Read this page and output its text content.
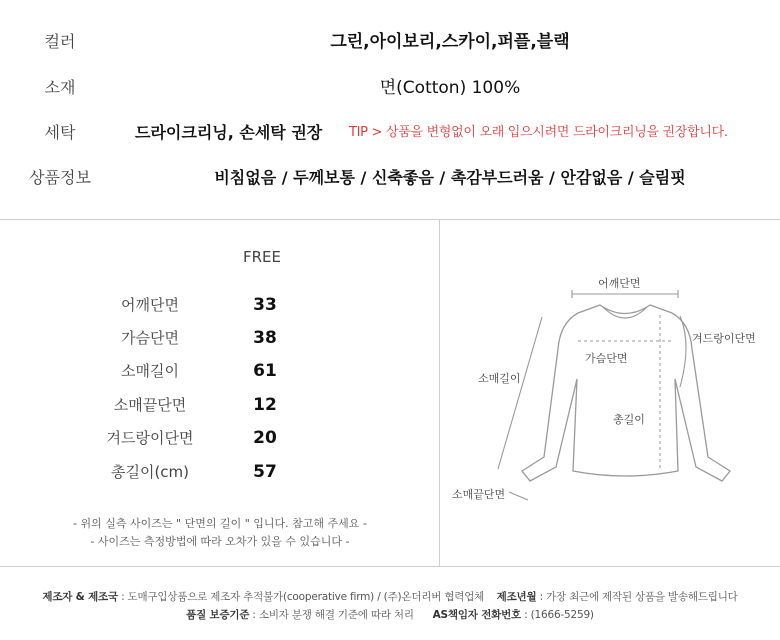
컬러	그린,아이보리,스카이,퍼플,블랙
소재	면(Cotton) 100%
세탁	드라이크리닝, 손세탁 권장 TIP > 상품을 변형없이 오래 입으시려면 드라이크리닝을 권장합니다.
상품정보	비침없음 / 두께보통 / 신축좋음 / 촉감부드러움 / 안감없음 / 슬림핏
FREE
어깨단면	33
가슴단면	38
소매길이	61
소매끝단면	12
겨드랑이단면	20
총길이(cm)	57
- 위의 실측 사이즈는 " 단면의 길이 " 입니다. 참고해 주세요 -
- 사이즈는 측정방법에 따라 오차가 있을 수 있습니다 -
어깨단면
겨드랑이단면
가슴단면
소매길이
총길이
소매끝단면
제조자 & 제조국 : 도매구입상품으로 제조자 추적불가(cooperative firm) / (주)온더리버 협력업체 제조년월 : 가장 최근에 제작된 상품을 발송해드립니다
품질 보증기준 : 소비자 분쟁 해결 기준에 따라 처리 AS책임자 전화번호 : (1666-5259)
